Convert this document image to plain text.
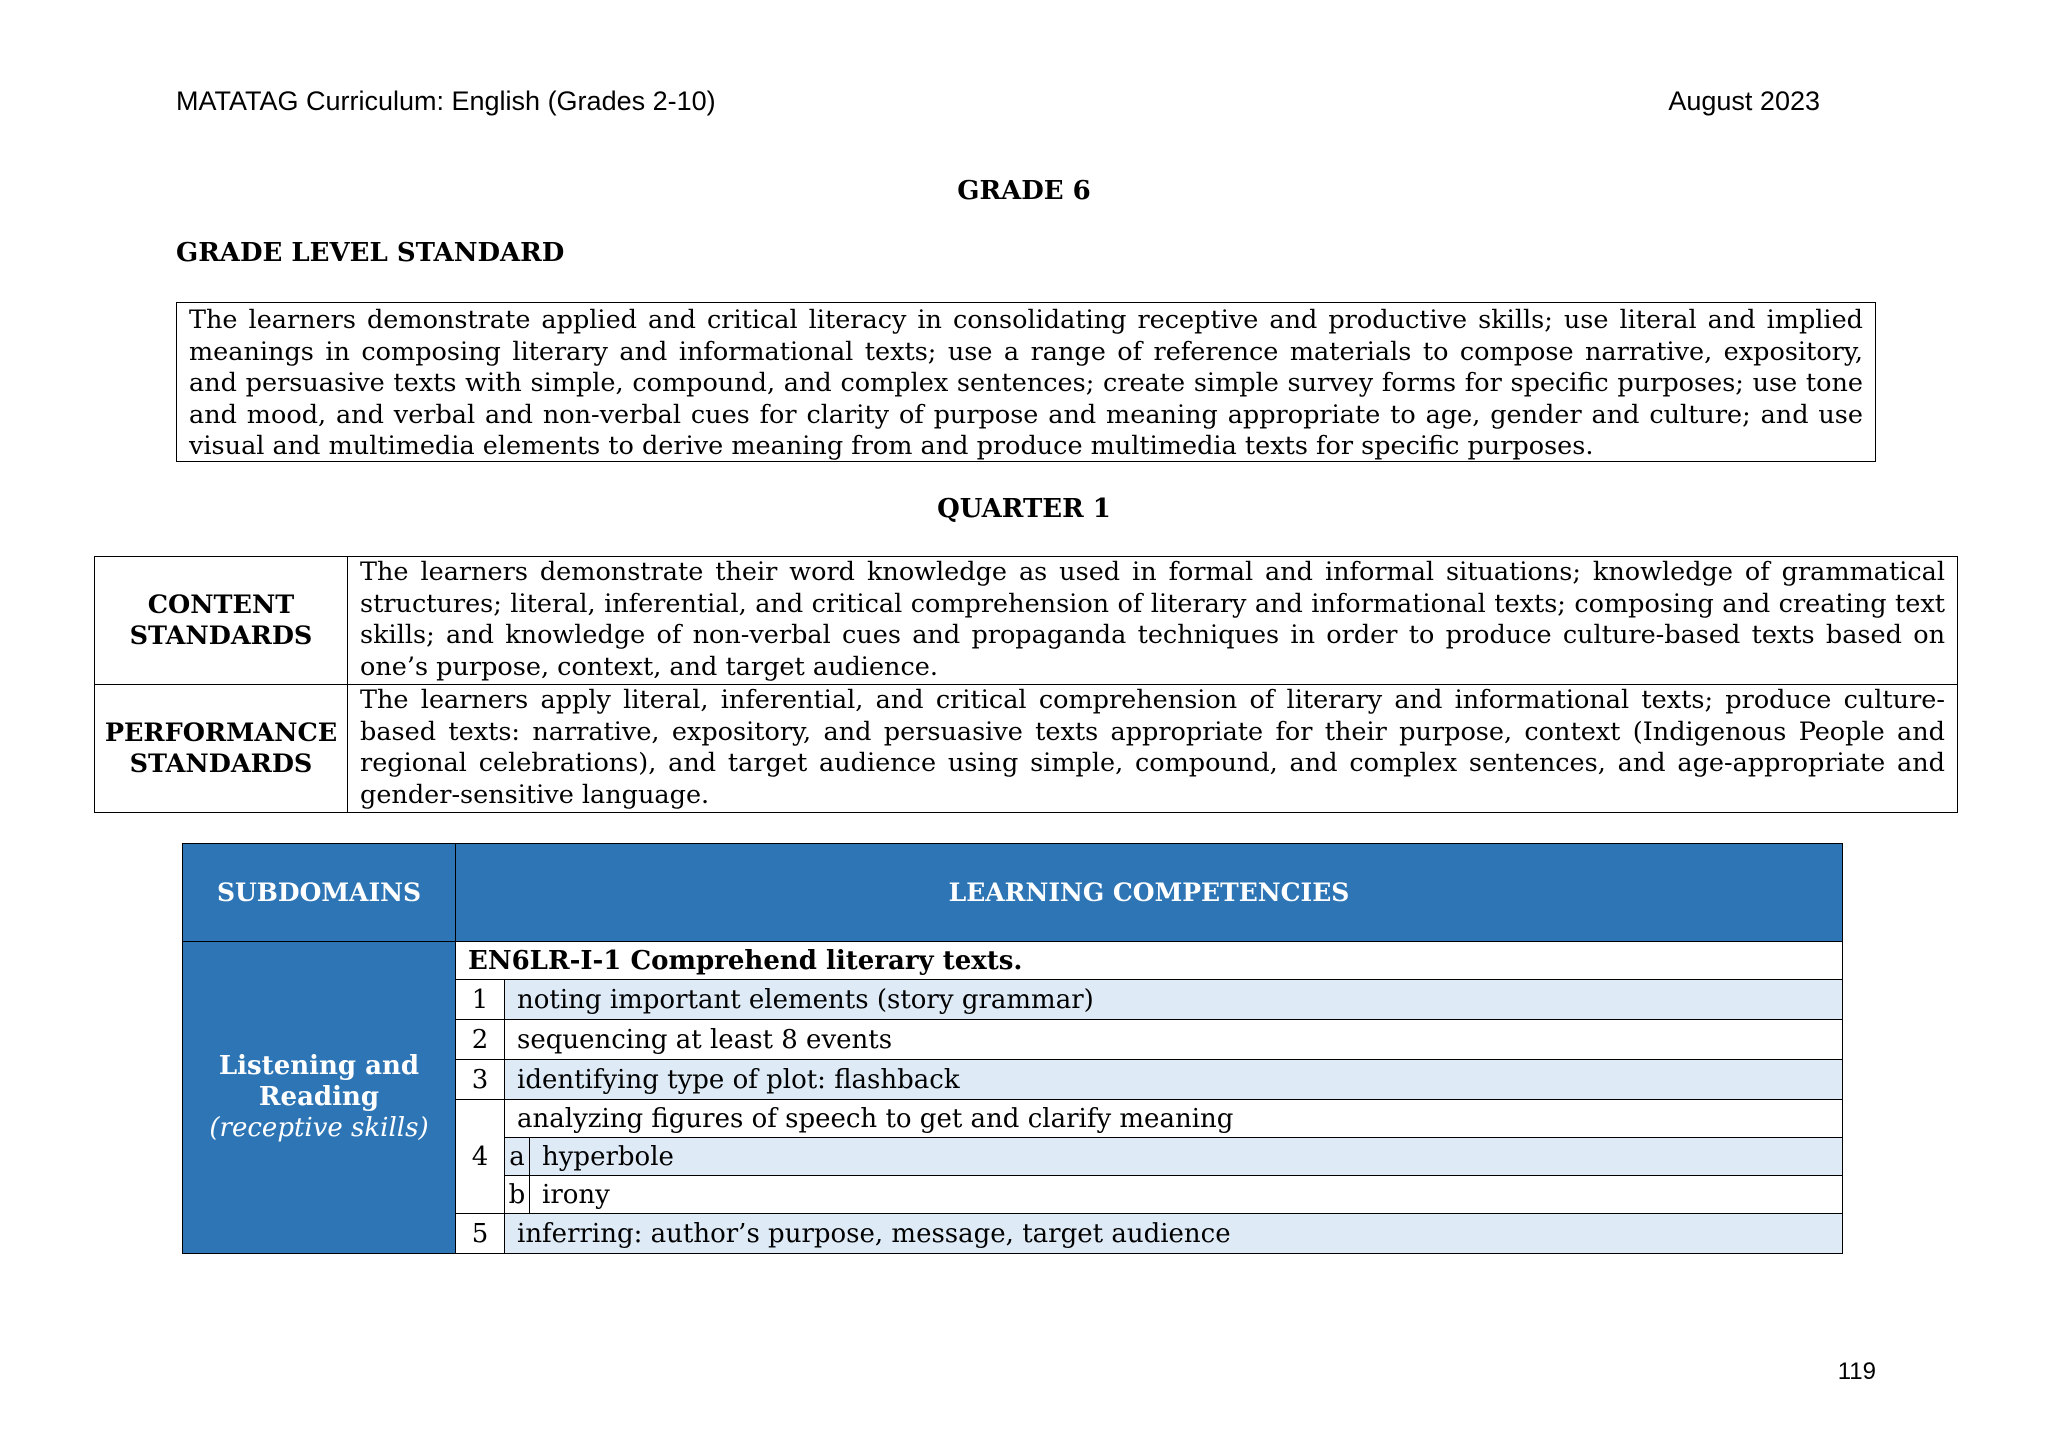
MATATAG Curriculum: English (Grades 2-10)	August 2023
GRADE 6
GRADE LEVEL STANDARD
The learners demonstrate applied and critical literacy in consolidating receptive and productive skills; use literal and implied meanings in composing literary and informational texts; use a range of reference materials to compose narrative, expository, and persuasive texts with simple, compound, and complex sentences; create simple survey forms for specific purposes; use tone and mood, and verbal and non-verbal cues for clarity of purpose and meaning appropriate to age, gender and culture; and use visual and multimedia elements to derive meaning from and produce multimedia texts for specific purposes.
QUARTER 1
CONTENT
STANDARDS	The learners demonstrate their word knowledge as used in formal and informal situations; knowledge of grammatical structures; literal, inferential, and critical comprehension of literary and informational texts; composing and creating text skills; and knowledge of non-verbal cues and propaganda techniques in order to produce culture-based texts based on one’s purpose, context, and target audience.
PERFORMANCE
STANDARDS	The learners apply literal, inferential, and critical comprehension of literary and informational texts; produce culture-based texts: narrative, expository, and persuasive texts appropriate for their purpose, context (Indigenous People and regional celebrations), and target audience using simple, compound, and complex sentences, and age-appropriate and gender-sensitive language.
SUBDOMAINS	LEARNING COMPETENCIES		
Listening and
Reading
(receptive skills)	EN6LR-I-1 Comprehend literary texts.		
	1	noting important elements (story grammar)	
	2	sequencing at least 8 events	
	3	identifying type of plot: flashback	
	4	analyzing figures of speech to get and clarify meaning	
		a	hyperbole
		b	irony
	5	inferring: author’s purpose, message, target audience	
119
